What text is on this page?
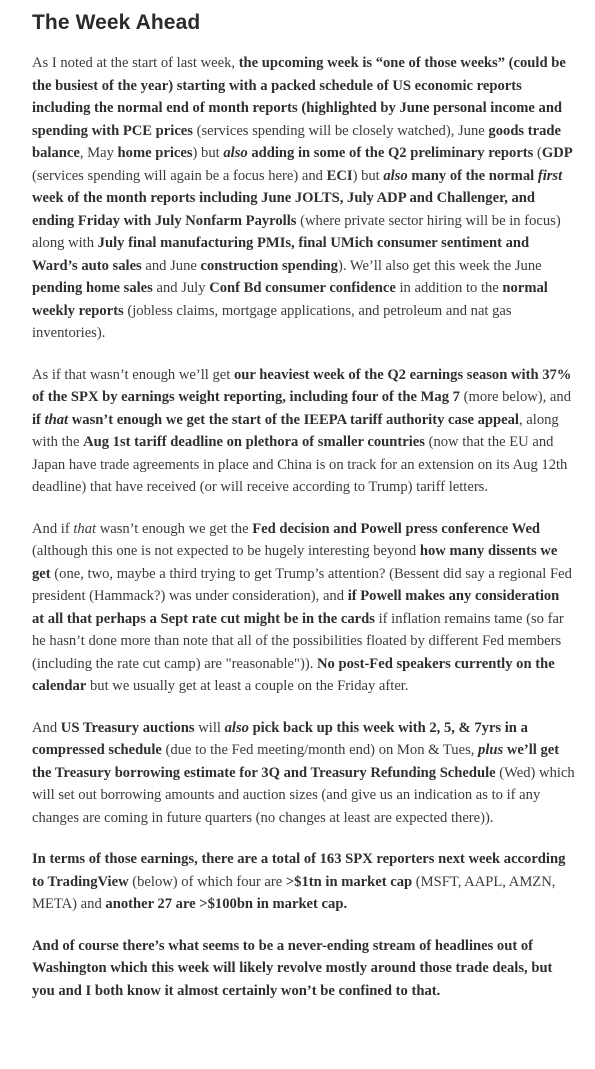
The Week Ahead

As I noted at the start of last week, the upcoming week is “one of those weeks” (could be the busiest of the year) starting with a packed schedule of US economic reports including the normal end of month reports (highlighted by June personal income and spending with PCE prices (services spending will be closely watched), June goods trade balance, May home prices) but also adding in some of the Q2 preliminary reports (GDP (services spending will again be a focus here) and ECI) but also many of the normal first week of the month reports including June JOLTS, July ADP and Challenger, and ending Friday with July Nonfarm Payrolls (where private sector hiring will be in focus) along with July final manufacturing PMIs, final UMich consumer sentiment and Ward’s auto sales and June construction spending). We’ll also get this week the June pending home sales and July Conf Bd consumer confidence in addition to the normal weekly reports (jobless claims, mortgage applications, and petroleum and nat gas inventories).

As if that wasn’t enough we’ll get our heaviest week of the Q2 earnings season with 37% of the SPX by earnings weight reporting, including four of the Mag 7 (more below), and if that wasn’t enough we get the start of the IEEPA tariff authority case appeal, along with the Aug 1st tariff deadline on plethora of smaller countries (now that the EU and Japan have trade agreements in place and China is on track for an extension on its Aug 12th deadline) that have received (or will receive according to Trump) tariff letters.

And if that wasn’t enough we get the Fed decision and Powell press conference Wed (although this one is not expected to be hugely interesting beyond how many dissents we get (one, two, maybe a third trying to get Trump’s attention? (Bessent did say a regional Fed president (Hammack?) was under consideration), and if Powell makes any consideration at all that perhaps a Sept rate cut might be in the cards if inflation remains tame (so far he hasn’t done more than note that all of the possibilities floated by different Fed members (including the rate cut camp) are "reasonable")). No post-Fed speakers currently on the calendar but we usually get at least a couple on the Friday after.

And US Treasury auctions will also pick back up this week with 2, 5, & 7yrs in a compressed schedule (due to the Fed meeting/month end) on Mon & Tues, plus we’ll get the Treasury borrowing estimate for 3Q and Treasury Refunding Schedule (Wed) which will set out borrowing amounts and auction sizes (and give us an indication as to if any changes are coming in future quarters (no changes at least are expected there)).

In terms of those earnings, there are a total of 163 SPX reporters next week according to TradingView (below) of which four are >$1tn in market cap (MSFT, AAPL, AMZN, META) and another 27 are >$100bn in market cap.

And of course there’s what seems to be a never-ending stream of headlines out of Washington which this week will likely revolve mostly around those trade deals, but you and I both know it almost certainly won’t be confined to that.
